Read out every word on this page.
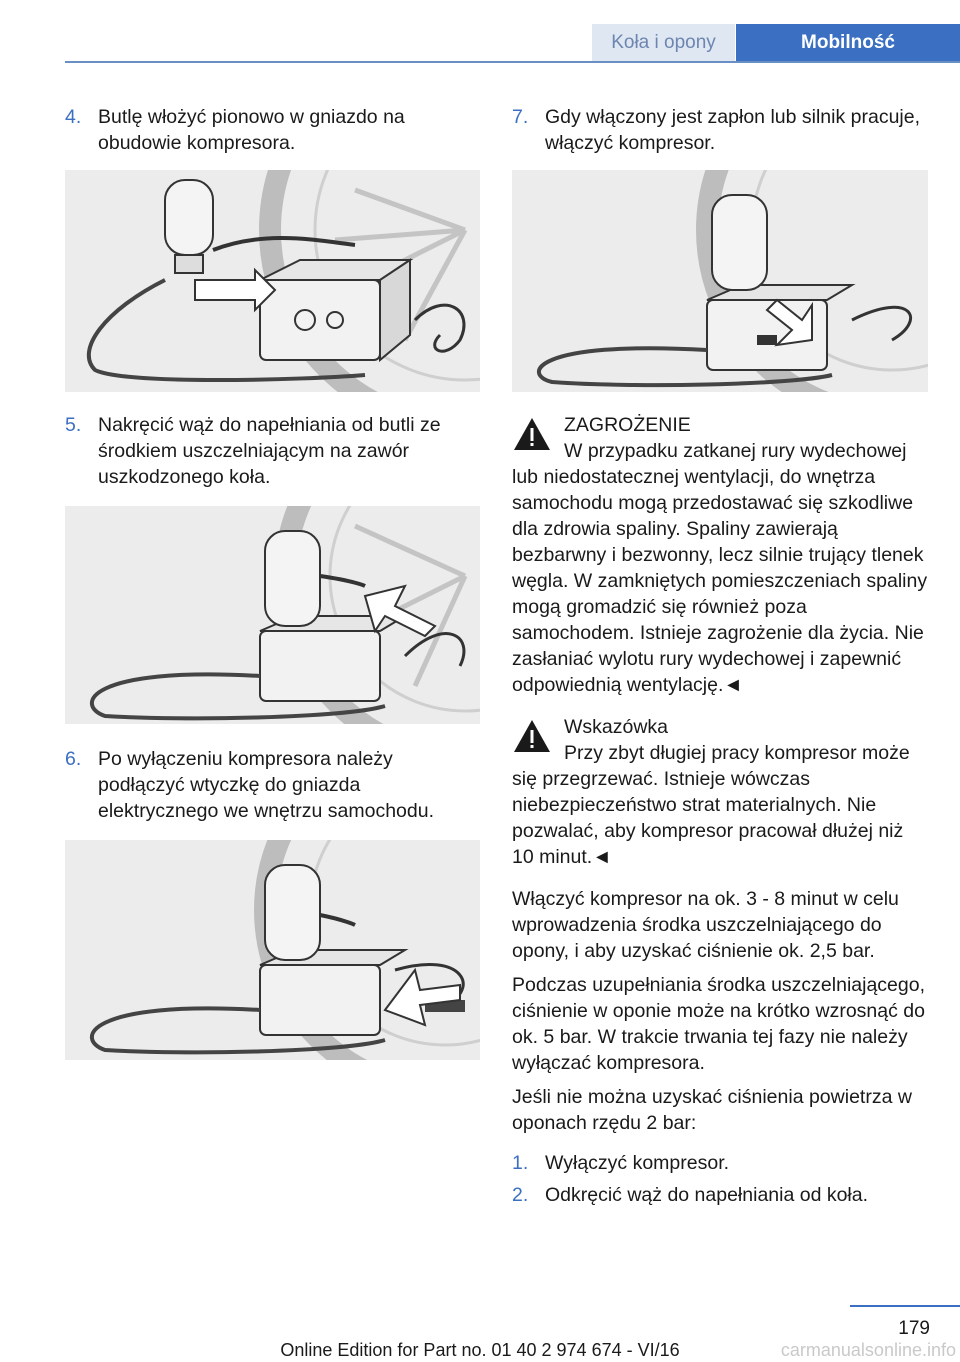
Koła i opony	Mobilność
4. Butlę włożyć pionowo w gniazdo na obudowie kompresora.
5. Nakręcić wąż do napełniania od butli ze środkiem uszczelniającym na zawór uszkodzonego koła.
6. Po wyłączeniu kompresora należy podłączyć wtyczkę do gniazda elektrycznego we wnętrzu samochodu.
7. Gdy włączony jest zapłon lub silnik pracuje, włączyć kompresor.
ZAGROŻENIE
W przypadku zatkanej rury wydechowej lub niedostatecznej wentylacji, do wnętrza samochodu mogą przedostawać się szkodliwe dla zdrowia spaliny. Spaliny zawierają bezbarwny i bezwonny, lecz silnie trujący tlenek węgla. W zamkniętych pomieszczeniach spaliny mogą gromadzić się również poza samochodem. Istnieje zagrożenie dla życia. Nie zasłaniać wylotu rury wydechowej i zapewnić odpowiednią wentylację.◄
Wskazówka
Przy zbyt długiej pracy kompresor może się przegrzewać. Istnieje wówczas niebezpieczeństwo strat materialnych. Nie pozwalać, aby kompresor pracował dłużej niż 10 minut.◄

Włączyć kompresor na ok. 3 - 8 minut w celu wprowadzenia środka uszczelniającego do opony, i aby uzyskać ciśnienie ok. 2,5 bar.

Podczas uzupełniania środka uszczelniającego, ciśnienie w oponie może na krótko wzrosnąć do ok. 5 bar. W trakcie trwania tej fazy nie należy wyłączać kompresora.

Jeśli nie można uzyskać ciśnienia powietrza w oponach rzędu 2 bar:

1. Wyłączyć kompresor.
2. Odkręcić wąż do napełniania od koła.
179
Online Edition for Part no. 01 40 2 974 674 - VI/16	carmanualsonline.info
